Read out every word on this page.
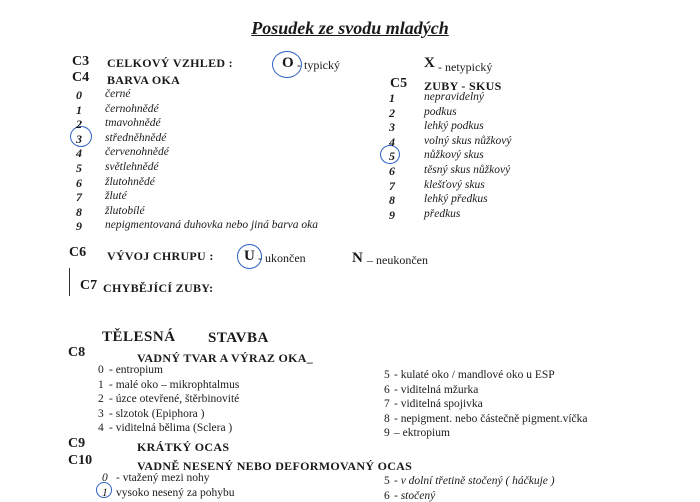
Posudek ze svodu mladých
C3 CELKOVÝ VZHLED :	O - typický	X - netypický
C4 BARVA OKA
0 černé
1 černohnědé
2 tmavohnědé
3 středněhnědé
4 červenohnědé
5 světlehnědé
6 žlutohnědé
7 žluté
8 žlutobílé
9 nepigmentovaná duhovka nebo jiná barva oka
C5 ZUBY - SKUS
1	nepravidelný
2	podkus
3	lehký podkus
4	volný skus nůžkový
5	nůžkový skus
6	těsný skus nůžkový
7	klešťový skus
8	lehký předkus
9	předkus
C6 VÝVOJ CHRUPU : U - ukončen	N – neukončen
C7 CHYBĚJÍCÍ ZUBY:
TĚLESNÁ STAVBA
C8	VADNÝ TVAR A VÝRAZ OKA_
0 - entropium
1 - malé oko – mikrophtalmus
2 - úzce otevřené, štěrbinovité
3 - slzotok (Epiphora )
4 - viditelná bělima (Sclera )
5 - kulaté oko / mandlové oko u ESP
6 - viditelná mžurka
7 - viditelná spojivka
8 - nepigment. nebo částečně pigment.víčka
9 – ektropium
C9	KRÁTKÝ OCAS
C10	VADNĚ NESENÝ NEBO DEFORMOVANÝ OCAS
0 - vtažený mezi nohy
1 vysoko nesený za pohybu
5 - v dolní třetině stočený ( háčkuje )
6 - stočený
